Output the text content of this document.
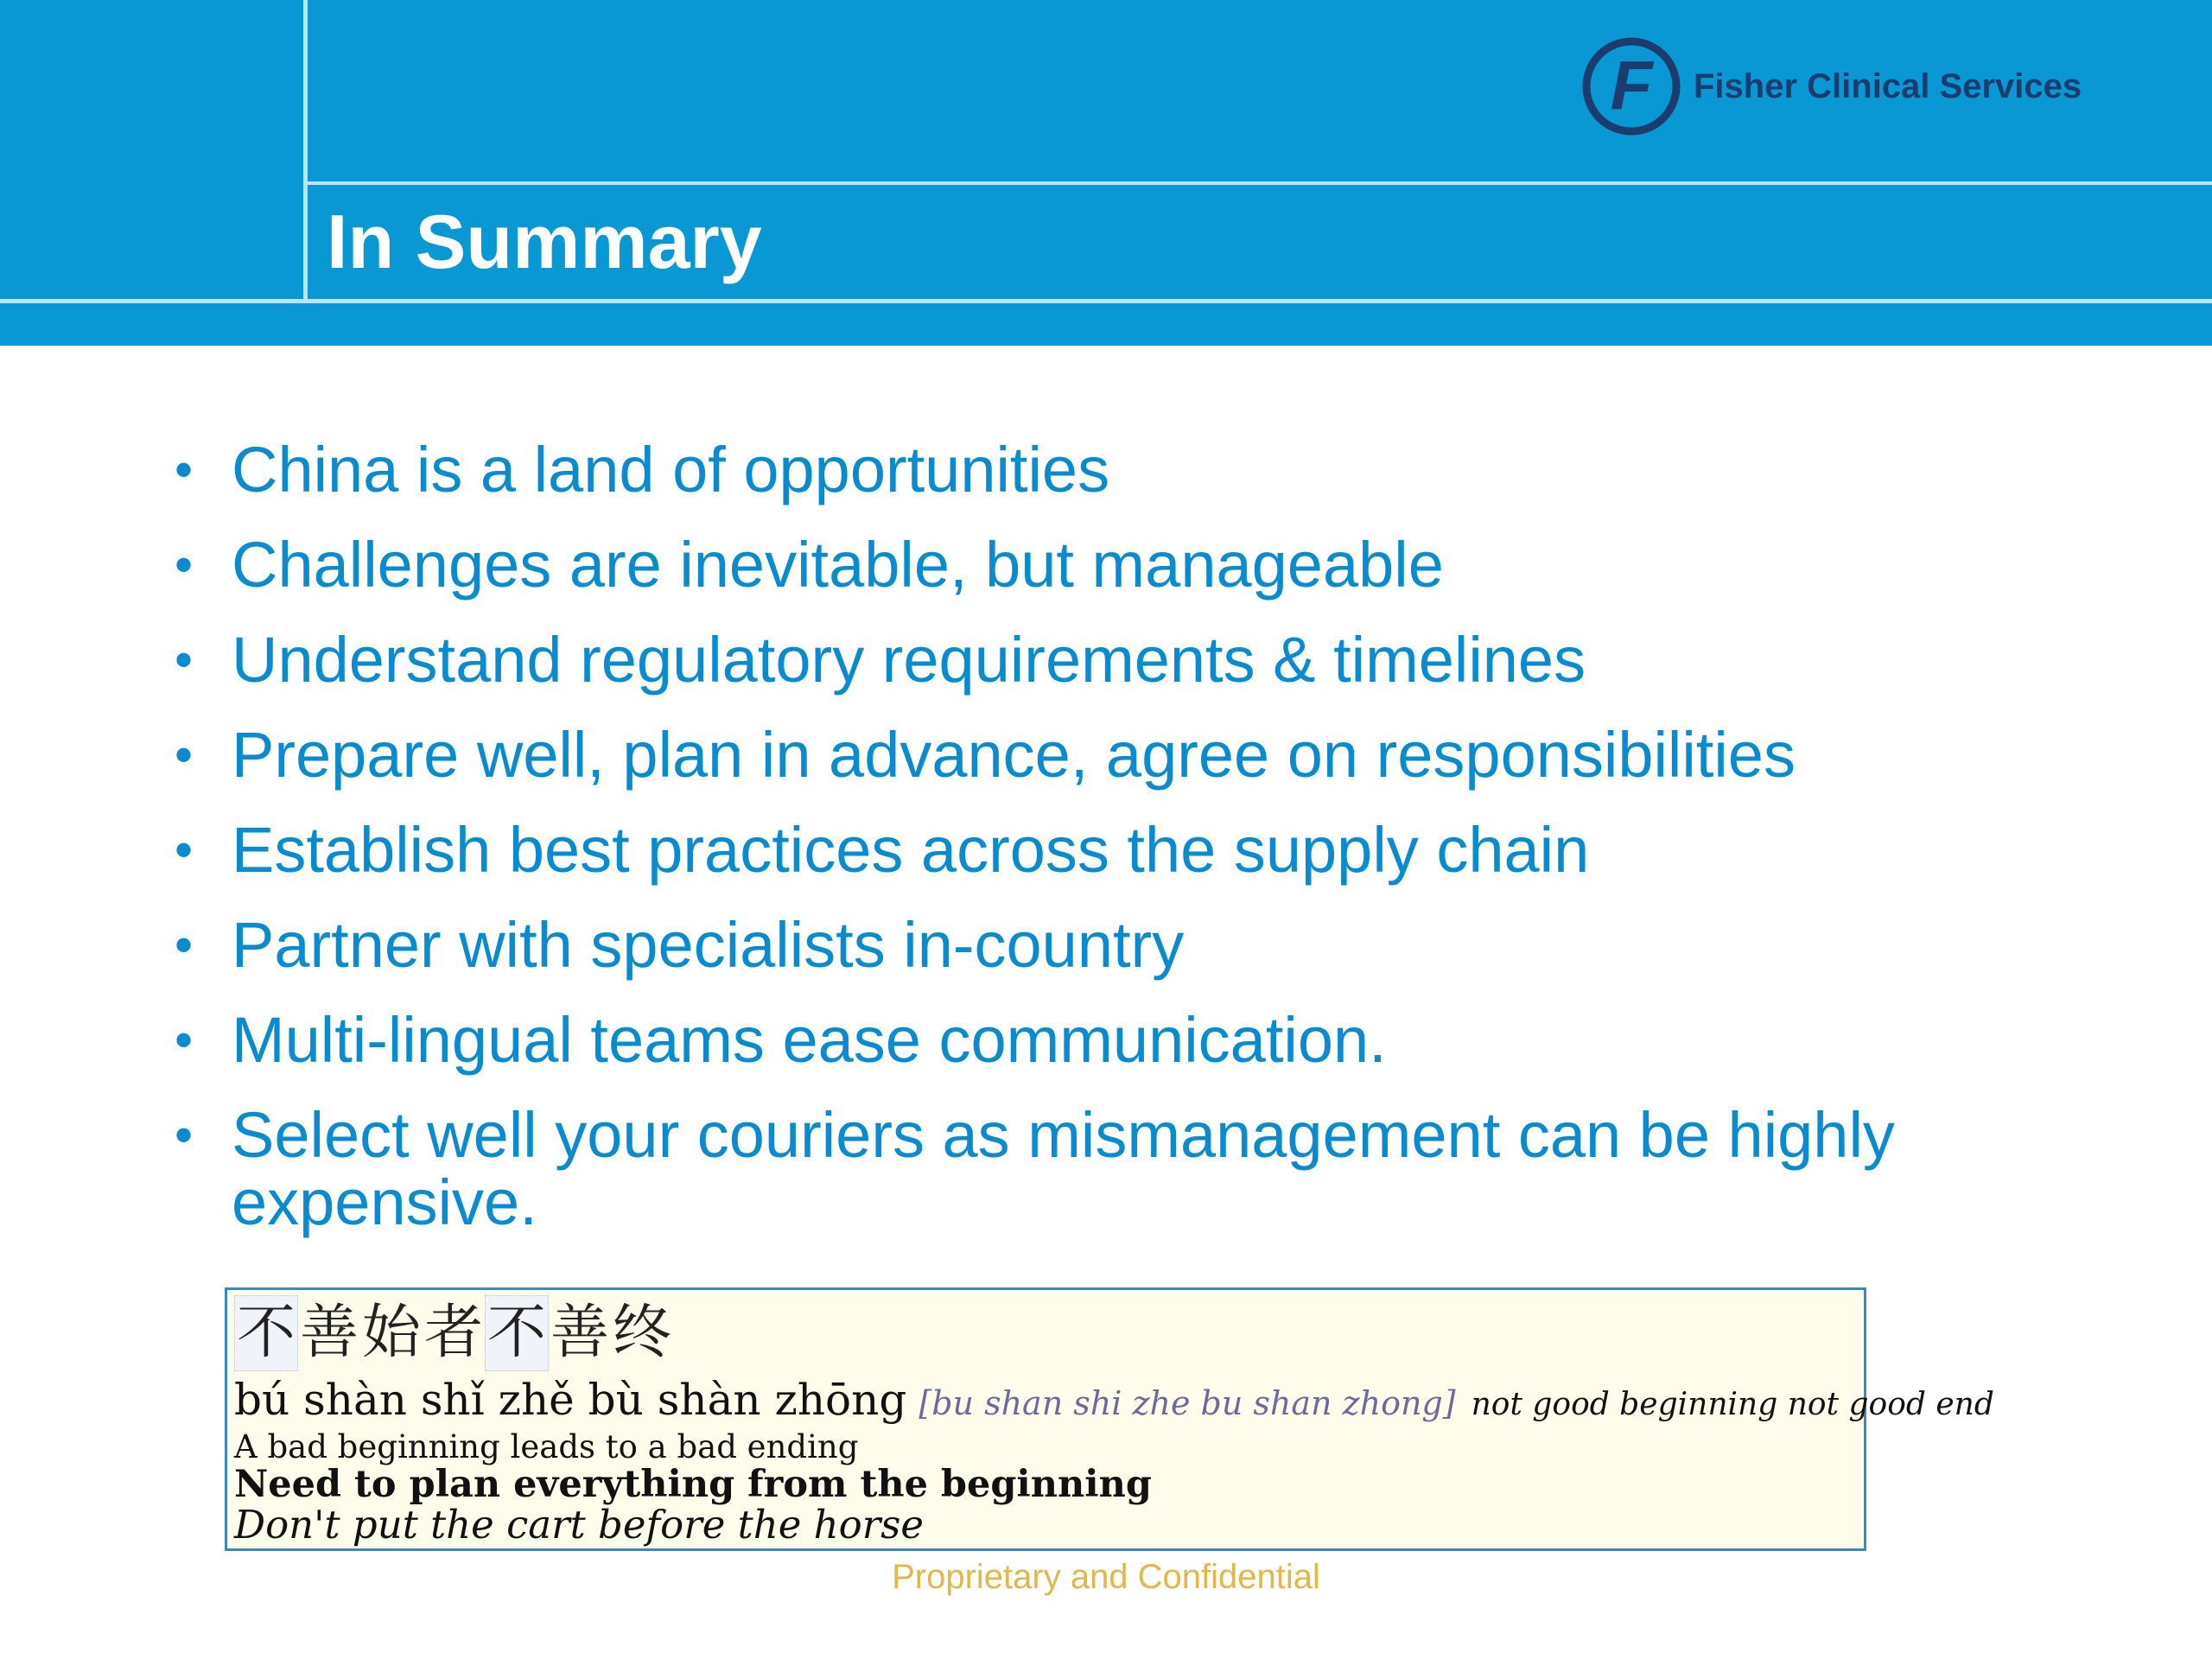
In Summary
F Fisher Clinical Services
• China is a land of opportunities
• Challenges are inevitable, but manageable
• Understand regulatory requirements & timelines
• Prepare well, plan in advance, agree on responsibilities
• Establish best practices across the supply chain
• Partner with specialists in-country
• Multi-lingual teams ease communication.
• Select well your couriers as mismanagement can be highly expensive.
不善始者不善终
bú shàn shǐ zhě bù shàn zhōng [bu shan shi zhe bu shan zhong] not good beginning not good end
A bad beginning leads to a bad ending
Need to plan everything from the beginning
Don't put the cart before the horse
Proprietary and Confidential
